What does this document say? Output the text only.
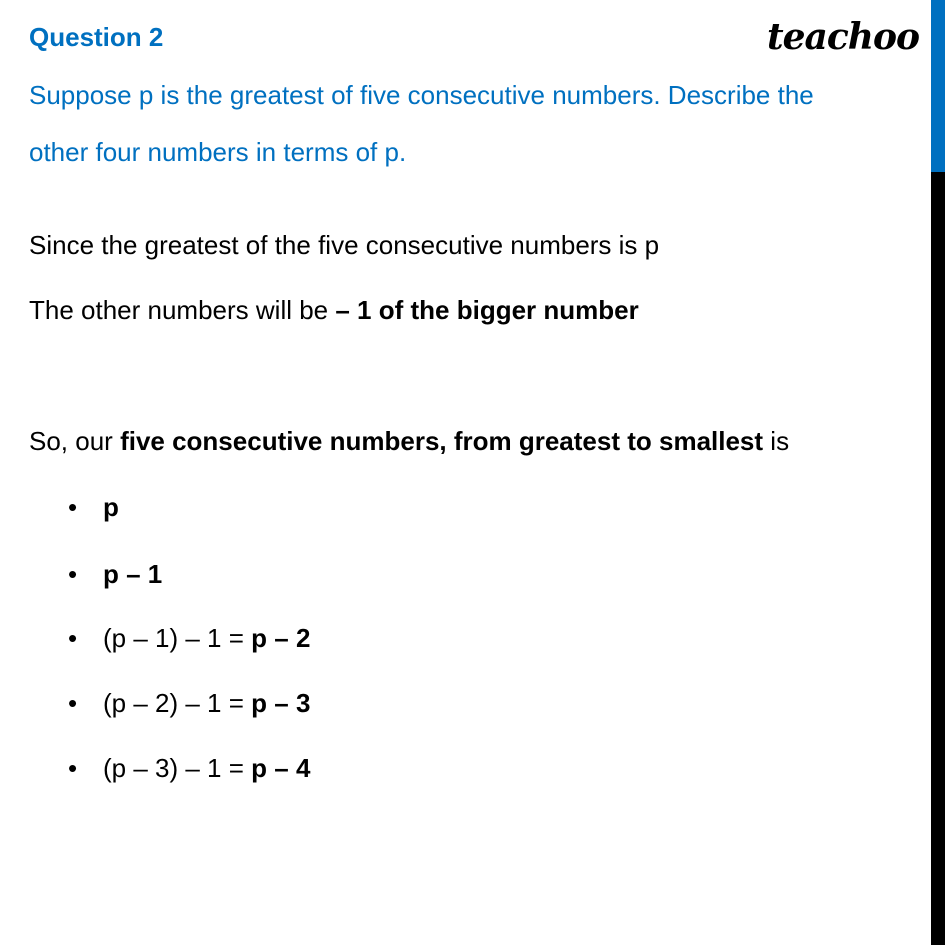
Question 2	teachoo
Suppose p is the greatest of five consecutive numbers. Describe the
other four numbers in terms of p.
Since the greatest of the five consecutive numbers is p
The other numbers will be – 1 of the bigger number
So, our five consecutive numbers, from greatest to smallest is
• p
• p – 1
• (p – 1) – 1 = p – 2
• (p – 2) – 1 = p – 3
• (p – 3) – 1 = p – 4
